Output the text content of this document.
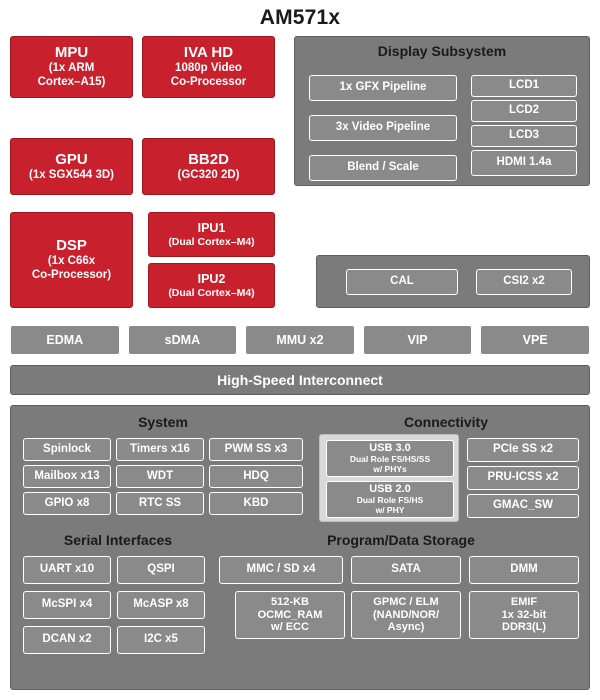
AM571x
MPU
(1x ARM
Cortex–A15)
IVA HD
1080p Video
Co-Processor
GPU
(1x SGX544 3D)
BB2D
(GC320 2D)
DSP
(1x C66x
Co-Processor)
IPU1
(Dual Cortex–M4)
IPU2
(Dual Cortex–M4)
Display Subsystem
1x GFX Pipeline
3x Video Pipeline
Blend / Scale
LCD1
LCD2
LCD3
HDMI 1.4a
CAL	CSI2 x2
EDMA	sDMA	MMU x2	VIP	VPE
High-Speed Interconnect
System	Connectivity
Spinlock	Timers x16	PWM SS x3
Mailbox x13	WDT	HDQ
GPIO x8	RTC SS	KBD
USB 3.0
Dual Role FS/HS/SS
w/ PHYs
USB 2.0
Dual Role FS/HS
w/ PHY
PCIe SS x2
PRU-ICSS x2
GMAC_SW
Serial Interfaces	Program/Data Storage
UART x10	QSPI
McSPI x4	McASP x8
DCAN x2	I2C x5
MMC / SD x4	SATA	DMM
512-KB
OCMC_RAM
w/ ECC
GPMC / ELM
(NAND/NOR/
Async)
EMIF
1x 32-bit
DDR3(L)
